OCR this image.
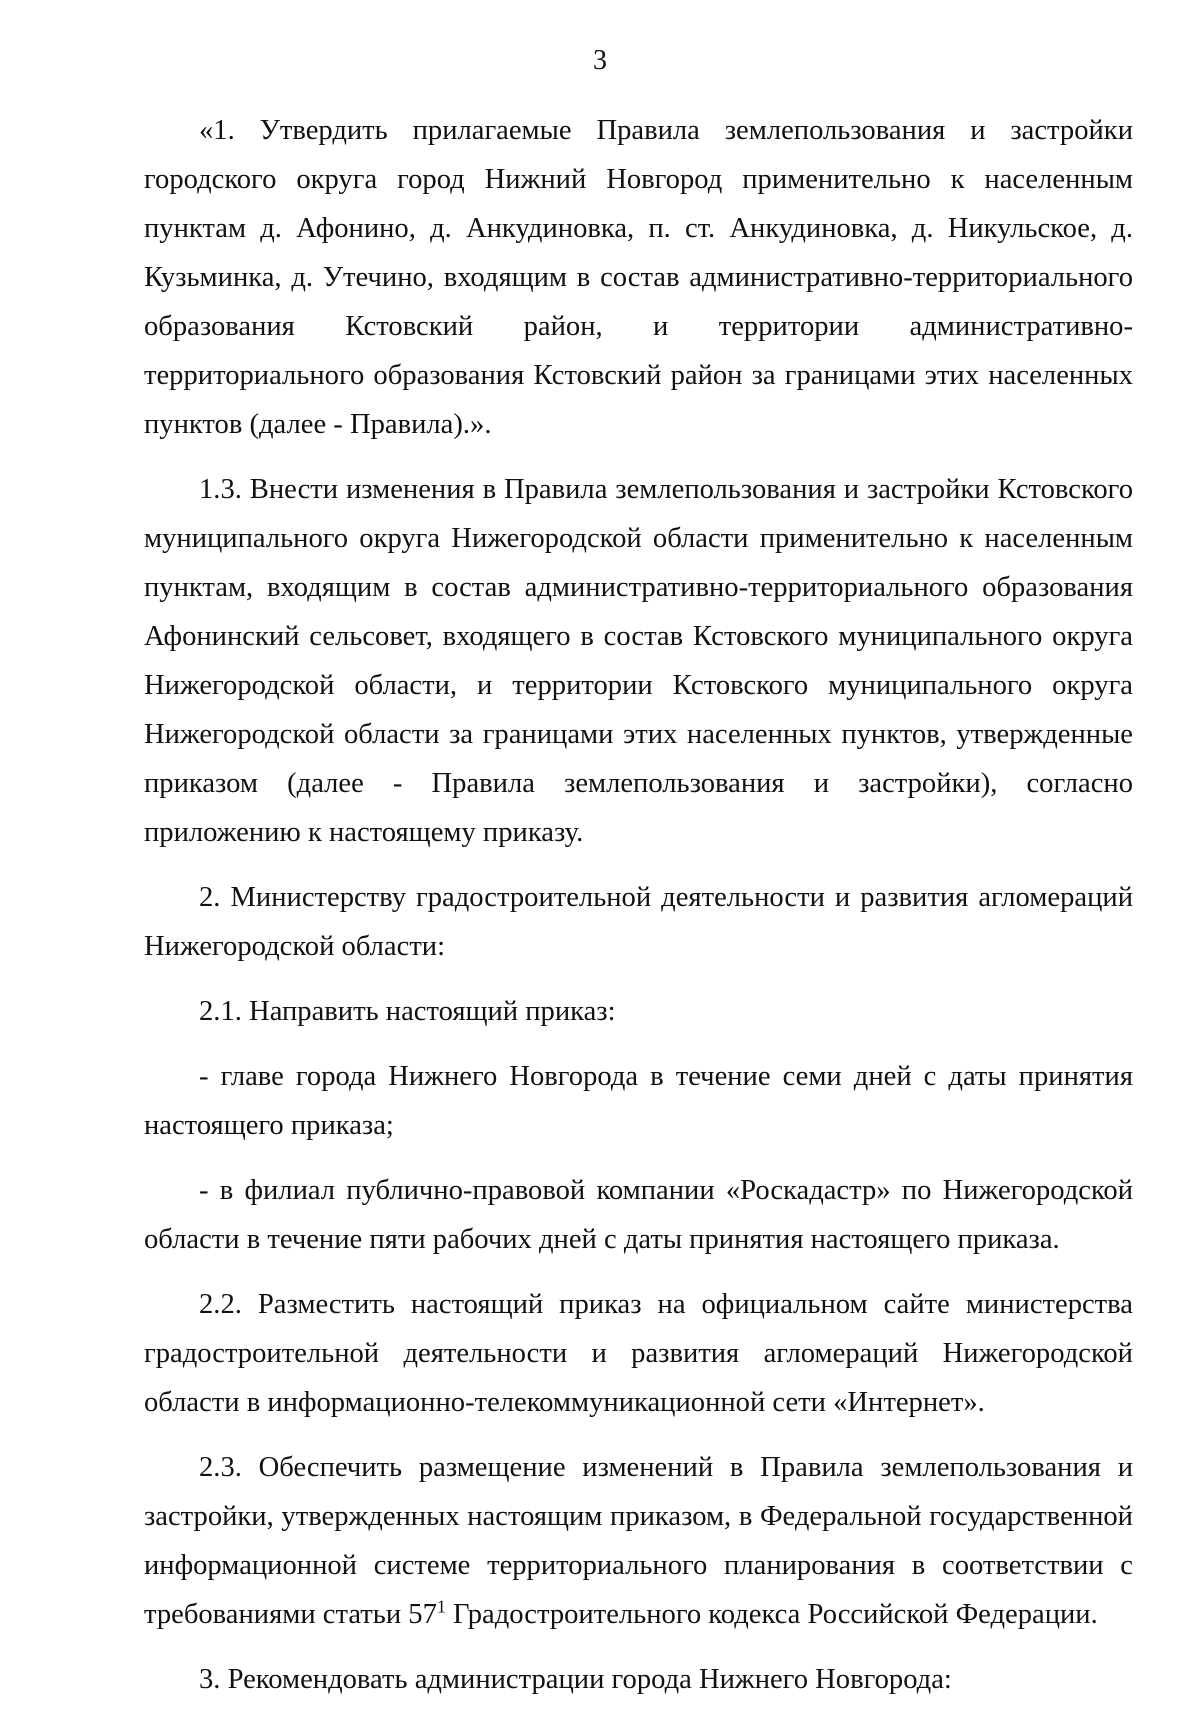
3

«1. Утвердить прилагаемые Правила землепользования и застройки городского округа город Нижний Новгород применительно к населенным пунктам д. Афонино, д. Анкудиновка, п. ст. Анкудиновка, д. Никульское, д. Кузьминка, д. Утечино, входящим в состав административно-территориального образования Кстовский район, и территории административно-территориального образования Кстовский район за границами этих населенных пунктов (далее - Правила).».

1.3. Внести изменения в Правила землепользования и застройки Кстовского муниципального округа Нижегородской области применительно к населенным пунктам, входящим в состав административно-территориального образования Афонинский сельсовет, входящего в состав Кстовского муниципального округа Нижегородской области, и территории Кстовского муниципального округа Нижегородской области за границами этих населенных пунктов, утвержденные приказом (далее - Правила землепользования и застройки), согласно приложению к настоящему приказу.

2. Министерству градостроительной деятельности и развития агломераций Нижегородской области:

2.1. Направить настоящий приказ:

- главе города Нижнего Новгорода в течение семи дней с даты принятия настоящего приказа;

- в филиал публично-правовой компании «Роскадастр» по Нижегородской области в течение пяти рабочих дней с даты принятия настоящего приказа.

2.2. Разместить настоящий приказ на официальном сайте министерства градостроительной деятельности и развития агломераций Нижегородской области в информационно-телекоммуникационной сети «Интернет».

2.3. Обеспечить размещение изменений в Правила землепользования и застройки, утвержденных настоящим приказом, в Федеральной государственной информационной системе территориального планирования в соответствии с требованиями статьи $57^1$ Градостроительного кодекса Российской Федерации.

3. Рекомендовать администрации города Нижнего Новгорода:
